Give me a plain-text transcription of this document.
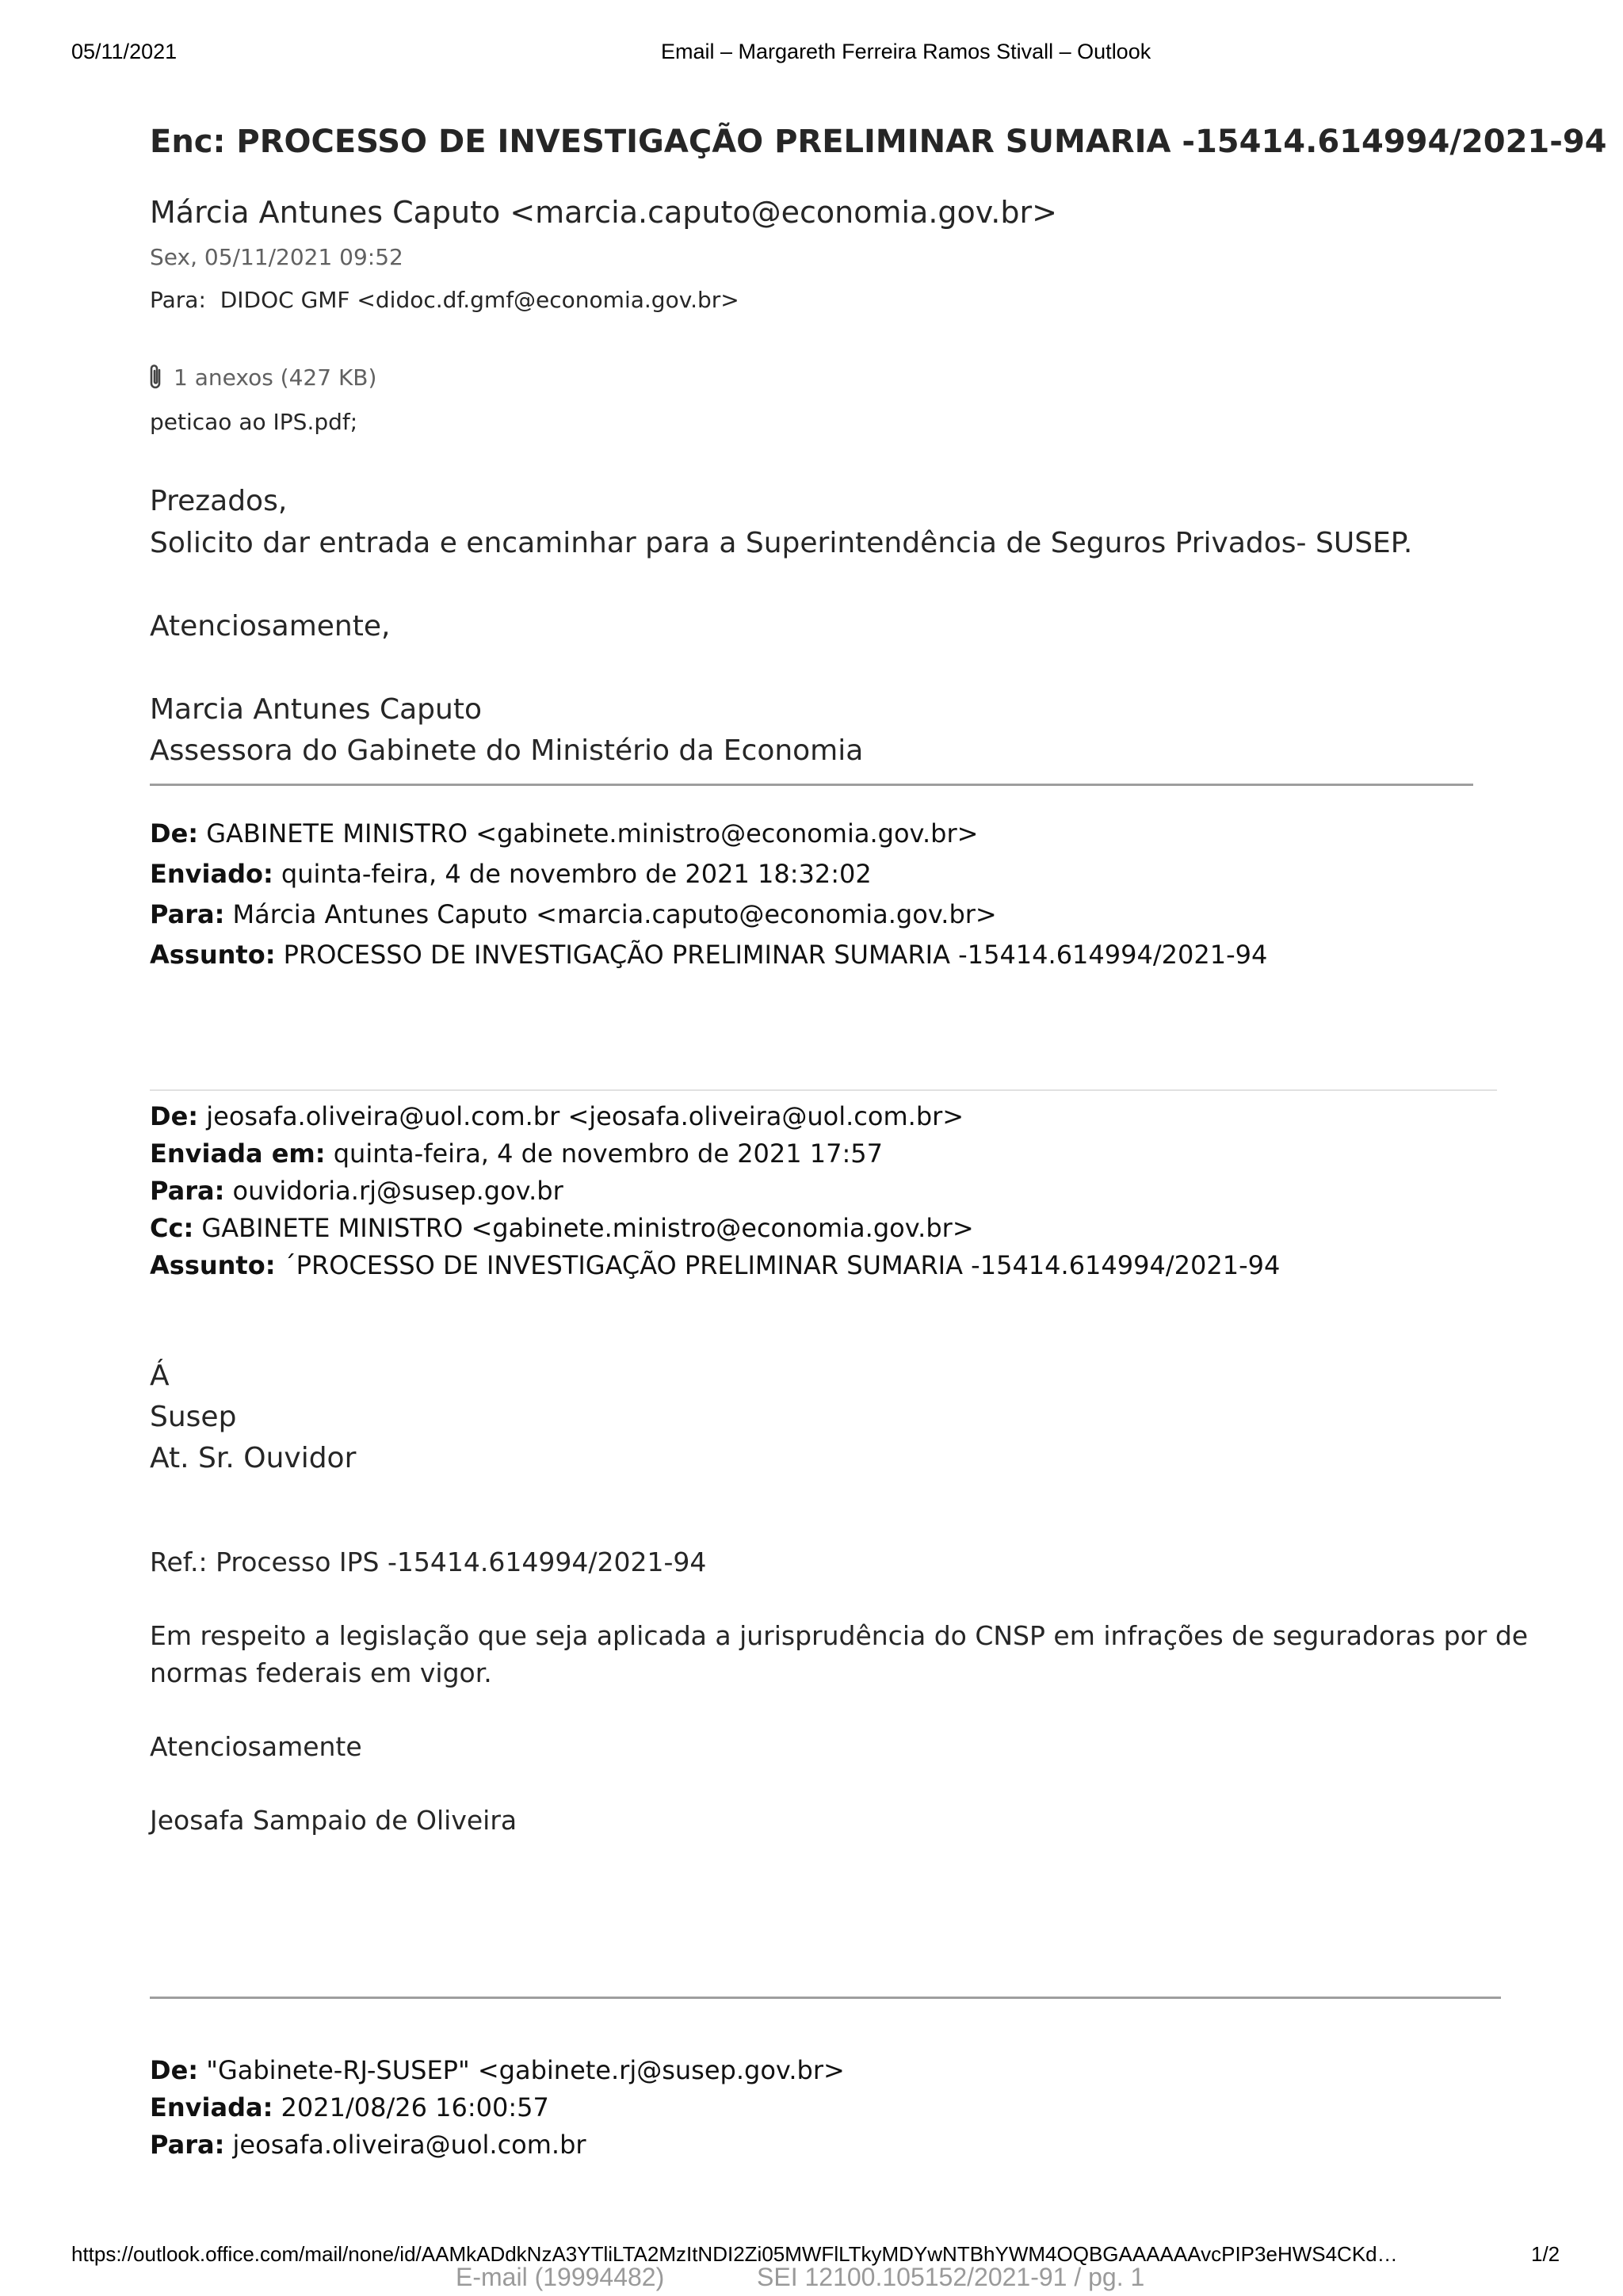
05/11/2021	Email – Margareth Ferreira Ramos Stivall – Outlook
Enc: PROCESSO DE INVESTIGAÇÃO PRELIMINAR SUMARIA -15414.614994/2021-94
Márcia Antunes Caputo <marcia.caputo@economia.gov.br>
Sex, 05/11/2021 09:52
Para: DIDOC GMF <didoc.df.gmf@economia.gov.br>
1 anexos (427 KB)
peticao ao IPS.pdf;
Prezados,
Solicito dar entrada e encaminhar para a Superintendência de Seguros Privados- SUSEP.
Atenciosamente,
Marcia Antunes Caputo
Assessora do Gabinete do Ministério da Economia
De: GABINETE MINISTRO <gabinete.ministro@economia.gov.br>
Enviado: quinta-feira, 4 de novembro de 2021 18:32:02
Para: Márcia Antunes Caputo <marcia.caputo@economia.gov.br>
Assunto: PROCESSO DE INVESTIGAÇÃO PRELIMINAR SUMARIA -15414.614994/2021-94
De: jeosafa.oliveira@uol.com.br <jeosafa.oliveira@uol.com.br>
Enviada em: quinta-feira, 4 de novembro de 2021 17:57
Para: ouvidoria.rj@susep.gov.br
Cc: GABINETE MINISTRO <gabinete.ministro@economia.gov.br>
Assunto: ´PROCESSO DE INVESTIGAÇÃO PRELIMINAR SUMARIA -15414.614994/2021-94
Á
Susep
At. Sr. Ouvidor
Ref.: Processo IPS -15414.614994/2021-94
Em respeito a legislação que seja aplicada a jurisprudência do CNSP em infrações de seguradoras por de
normas federais em vigor.
Atenciosamente
Jeosafa Sampaio de Oliveira
De: "Gabinete-RJ-SUSEP" <gabinete.rj@susep.gov.br>
Enviada: 2021/08/26 16:00:57
Para: jeosafa.oliveira@uol.com.br
https://outlook.office.com/mail/none/id/AAMkADdkNzA3YTliLTA2MzItNDI2Zi05MWFlLTkyMDYwNTBhYWM4OQBGAAAAAAvcPIP3eHWS4CKd…	1/2
E-mail (19994482)	SEI 12100.105152/2021-91 / pg. 1
